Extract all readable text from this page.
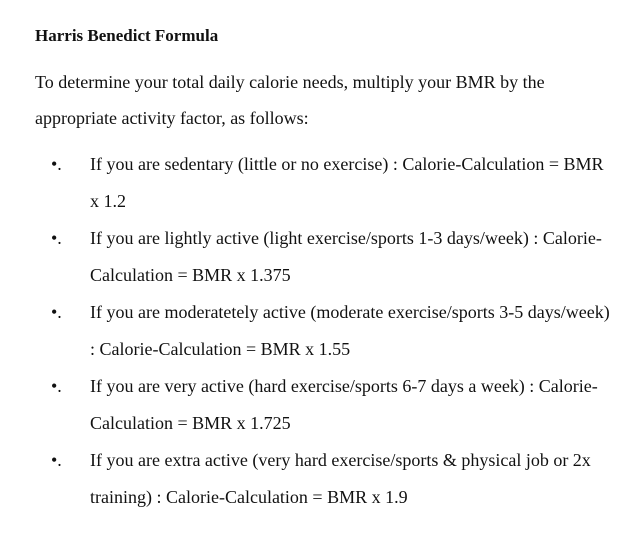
Harris Benedict Formula
To determine your total daily calorie needs, multiply your BMR by the appropriate activity factor, as follows:
•. If you are sedentary (little or no exercise) : Calorie-Calculation = BMR x 1.2
•. If you are lightly active (light exercise/sports 1-3 days/week) : Calorie-Calculation = BMR x 1.375
•. If you are moderatetely active (moderate exercise/sports 3-5 days/week) : Calorie-Calculation = BMR x 1.55
•. If you are very active (hard exercise/sports 6-7 days a week) : Calorie-Calculation = BMR x 1.725
•. If you are extra active (very hard exercise/sports & physical job or 2x training) : Calorie-Calculation = BMR x 1.9
